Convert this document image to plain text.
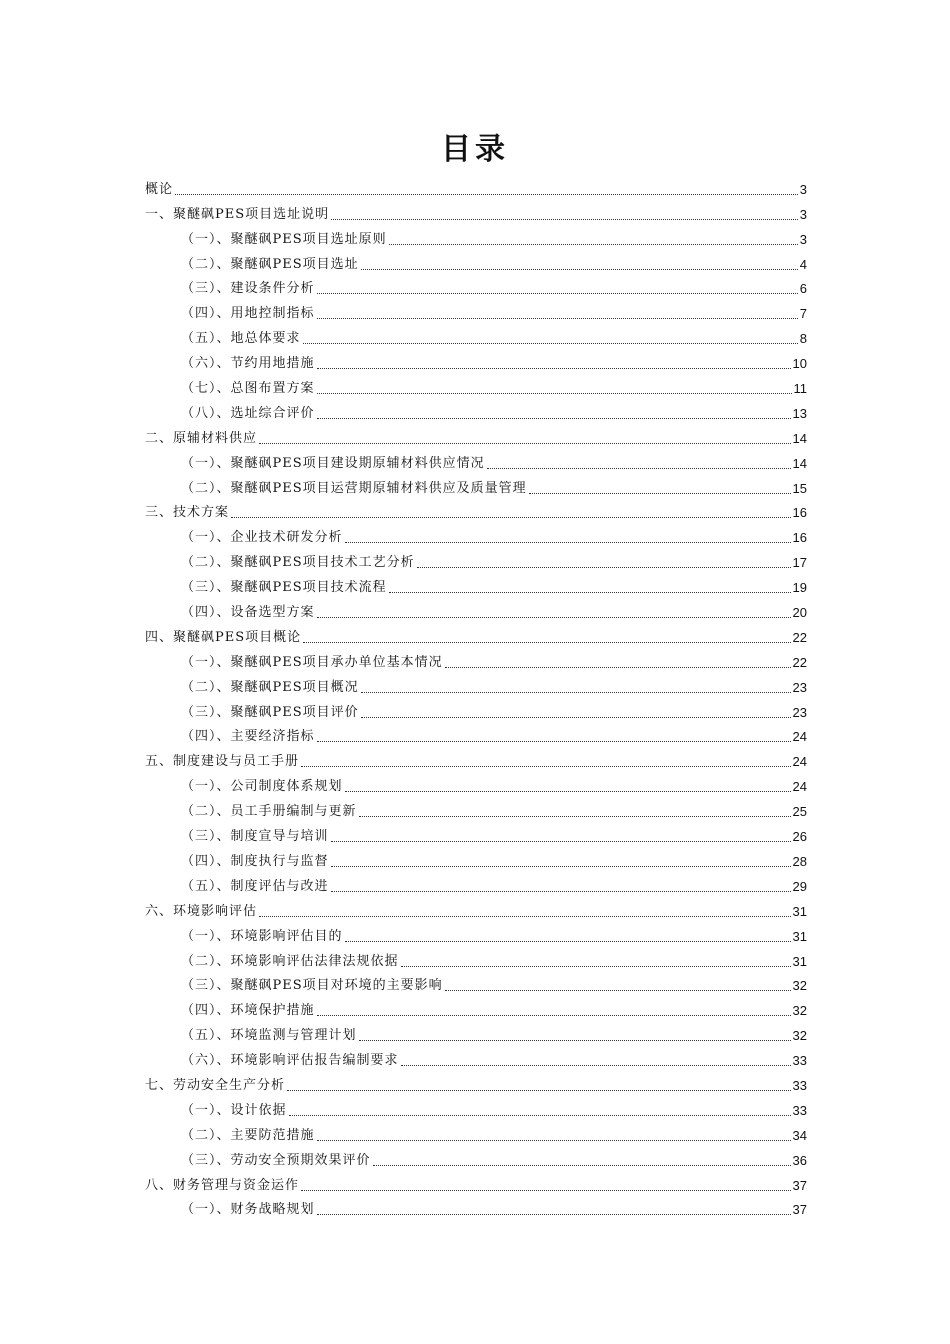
目录
概论	3
一、聚醚砜PES项目选址说明	3
（一）、聚醚砜PES项目选址原则	3
（二）、聚醚砜PES项目选址	4
（三）、建设条件分析	6
（四）、用地控制指标	7
（五）、地总体要求	8
（六）、节约用地措施	10
（七）、总图布置方案	11
（八）、选址综合评价	13
二、原辅材料供应	14
（一）、聚醚砜PES项目建设期原辅材料供应情况	14
（二）、聚醚砜PES项目运营期原辅材料供应及质量管理	15
三、技术方案	16
（一）、企业技术研发分析	16
（二）、聚醚砜PES项目技术工艺分析	17
（三）、聚醚砜PES项目技术流程	19
（四）、设备选型方案	20
四、聚醚砜PES项目概论	22
（一）、聚醚砜PES项目承办单位基本情况	22
（二）、聚醚砜PES项目概况	23
（三）、聚醚砜PES项目评价	23
（四）、主要经济指标	24
五、制度建设与员工手册	24
（一）、公司制度体系规划	24
（二）、员工手册编制与更新	25
（三）、制度宣导与培训	26
（四）、制度执行与监督	28
（五）、制度评估与改进	29
六、环境影响评估	31
（一）、环境影响评估目的	31
（二）、环境影响评估法律法规依据	31
（三）、聚醚砜PES项目对环境的主要影响	32
（四）、环境保护措施	32
（五）、环境监测与管理计划	32
（六）、环境影响评估报告编制要求	33
七、劳动安全生产分析	33
（一）、设计依据	33
（二）、主要防范措施	34
（三）、劳动安全预期效果评价	36
八、财务管理与资金运作	37
（一）、财务战略规划	37
